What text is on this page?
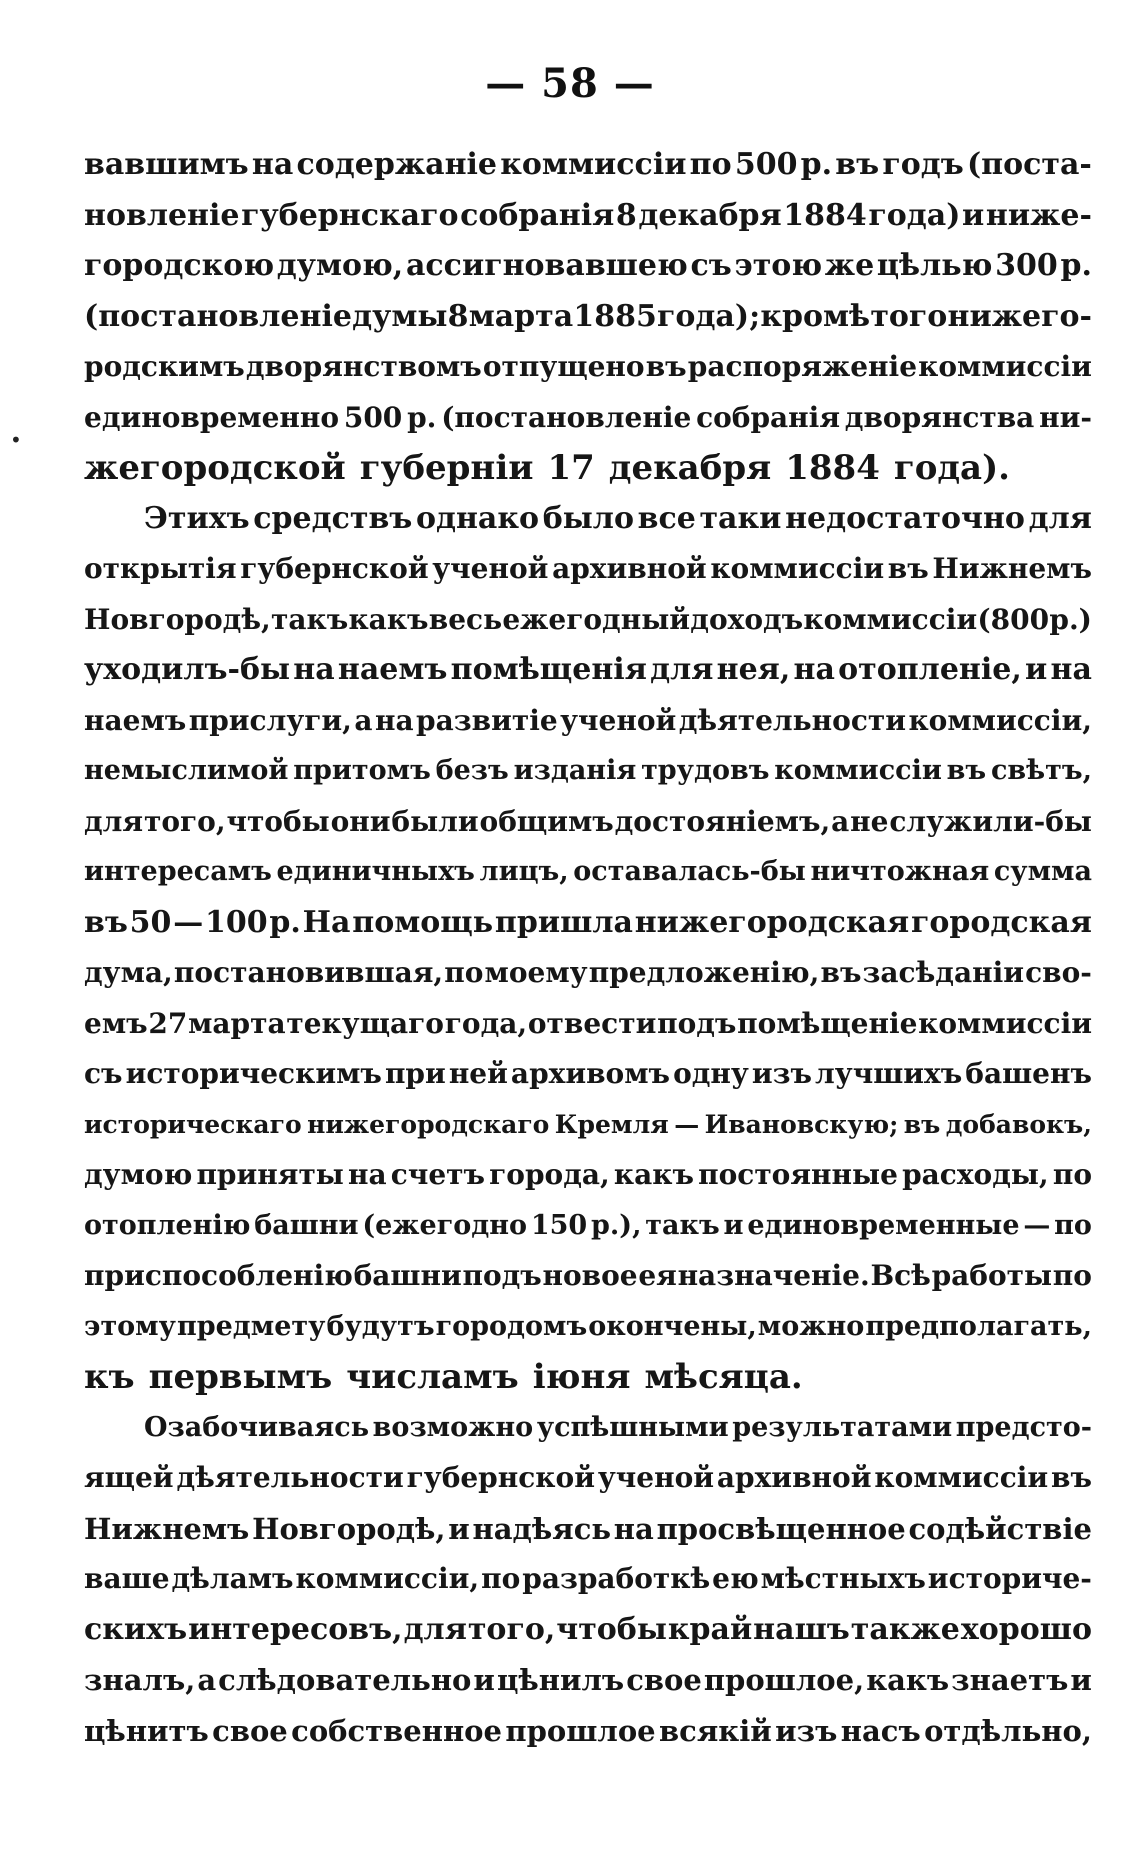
— 58 —
•
вавшимъ на содержаніе коммиссіи по 500 р. въ годъ (поста-
новленіе губернскаго собранія 8 декабря 1884 года) и ниже-
городскою думою, ассигновавшею съ этою же цѣлью 300 р.
(постановленіе думы 8 марта 1885 года); кромѣ того нижего-
родскимъ дворянствомъ отпущено въ распоряженіе коммиссіи
единовременно 500 р. (постановленіе собранія дворянства ни-
жегородской губерніи 17 декабря 1884 года).
Этихъ средствъ однако было все таки недостаточно для
открытія губернской ученой архивной коммиссіи въ Нижнемъ
Новгородѣ, такъ какъ весь ежегодный доходъ коммиссіи (800 р.)
уходилъ-бы на наемъ помѣщенія для нея, на отопленіе, и на
наемъ прислуги, а на развитіе ученой дѣятельности коммиссіи,
немыслимой притомъ безъ изданія трудовъ коммиссіи въ свѣтъ,
для того, чтобы они были общимъ достояніемъ, а не служили-бы
интересамъ единичныхъ лицъ, оставалась-бы ничтожная сумма
въ 50 — 100 р. На помощь пришла нижегородская городская
дума, постановившая, по моему предложенію, въ засѣданіи сво-
емъ 27 марта текущаго года, отвести подъ помѣщеніе коммиссіи
съ историческимъ при ней архивомъ одну изъ лучшихъ башенъ
историческаго нижегородскаго Кремля — Ивановскую; въ добавокъ,
думою приняты на счетъ города, какъ постоянные расходы, по
отопленію башни (ежегодно 150 р.), такъ и единовременные — по
приспособленію башни подъ новое ея назначеніе. Всѣ работы по
этому предмету будутъ городомъ окончены, можно предполагать,
къ первымъ числамъ іюня мѣсяца.
Озабочиваясь возможно успѣшными результатами предсто-
ящей дѣятельности губернской ученой архивной коммиссіи въ
Нижнемъ Новгородѣ, и надѣясь на просвѣщенное содѣйствіе
ваше дѣламъ коммиссіи, по разработкѣ ею мѣстныхъ историче-
скихъ интересовъ, для того, чтобы край нашъ также хорошо
зналъ, а слѣдовательно и цѣнилъ свое прошлое, какъ знаетъ и
цѣнитъ свое собственное прошлое всякій изъ насъ отдѣльно,
